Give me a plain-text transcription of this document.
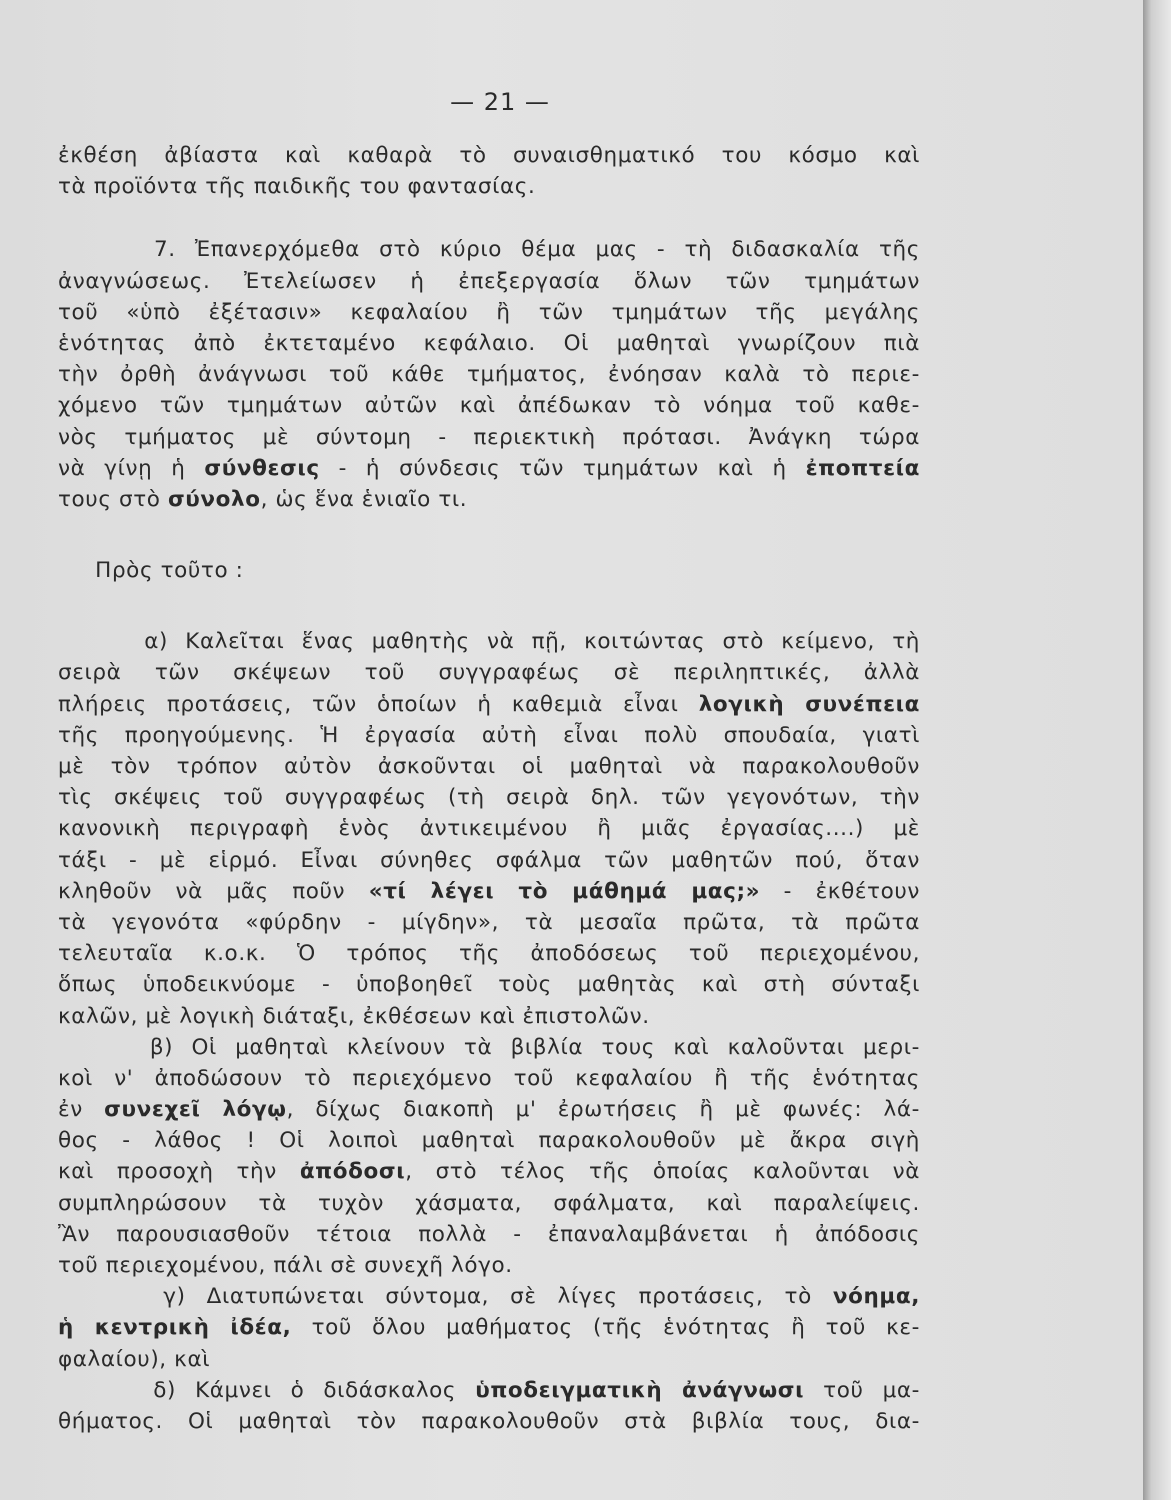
— 21 —
ἐκθέση ἀβίαστα καὶ καθαρὰ τὸ συναισθηματικό του κόσμο καὶ
τὰ προϊόντα τῆς παιδικῆς του φαντασίας.
7. Ἐπανερχόμεθα στὸ κύριο θέμα μας - τὴ διδασκαλία τῆς
ἀναγνώσεως. Ἐτελείωσεν ἡ ἐπεξεργασία ὅλων τῶν τμημάτων
τοῦ «ὑπὸ ἐξέτασιν» κεφαλαίου ἢ τῶν τμημάτων τῆς μεγάλης
ἑνότητας ἀπὸ ἐκτεταμένο κεφάλαιο. Οἱ μαθηταὶ γνωρίζουν πιὰ
τὴν ὀρθὴ ἀνάγνωσι τοῦ κάθε τμήματος, ἐνόησαν καλὰ τὸ περιε-
χόμενο τῶν τμημάτων αὐτῶν καὶ ἀπέδωκαν τὸ νόημα τοῦ καθε-
νὸς τμήματος μὲ σύντομη - περιεκτικὴ πρότασι. Ἀνάγκη τώρα
νὰ γίνῃ ἡ σύνθεσις - ἡ σύνδεσις τῶν τμημάτων καὶ ἡ ἐποπτεία
τους στὸ σύνολο, ὡς ἕνα ἑνιαῖο τι.
Πρὸς τοῦτο :
α) Καλεῖται ἕνας μαθητὴς νὰ πῇ, κοιτώντας στὸ κείμενο, τὴ
σειρὰ τῶν σκέψεων τοῦ συγγραφέως σὲ περιληπτικές, ἀλλὰ
πλήρεις προτάσεις, τῶν ὁποίων ἡ καθεμιὰ εἶναι λογικὴ συνέπεια
τῆς προηγούμενης. Ἡ ἐργασία αὐτὴ εἶναι πολὺ σπουδαία, γιατὶ
μὲ τὸν τρόπον αὐτὸν ἀσκοῦνται οἱ μαθηταὶ νὰ παρακολουθοῦν
τὶς σκέψεις τοῦ συγγραφέως (τὴ σειρὰ δηλ. τῶν γεγονότων, τὴν
κανονικὴ περιγραφὴ ἑνὸς ἀντικειμένου ἢ μιᾶς ἐργασίας....) μὲ
τάξι - μὲ εἱρμό. Εἶναι σύνηθες σφάλμα τῶν μαθητῶν πού, ὅταν
κληθοῦν νὰ μᾶς ποῦν «τί λέγει τὸ μάθημά μας;» - ἐκθέτουν
τὰ γεγονότα «φύρδην - μίγδην», τὰ μεσαῖα πρῶτα, τὰ πρῶτα
τελευταῖα κ.ο.κ. Ὁ τρόπος τῆς ἀποδόσεως τοῦ περιεχομένου,
ὅπως ὑποδεικνύομε - ὑποβοηθεῖ τοὺς μαθητὰς καὶ στὴ σύνταξι
καλῶν, μὲ λογικὴ διάταξι, ἐκθέσεων καὶ ἐπιστολῶν.
β) Οἱ μαθηταὶ κλείνουν τὰ βιβλία τους καὶ καλοῦνται μερι-
κοὶ ν' ἀποδώσουν τὸ περιεχόμενο τοῦ κεφαλαίου ἢ τῆς ἑνότητας
ἐν συνεχεῖ λόγῳ, δίχως διακοπὴ μ' ἐρωτήσεις ἢ μὲ φωνές: λά-
θος - λάθος ! Οἱ λοιποὶ μαθηταὶ παρακολουθοῦν μὲ ἄκρα σιγὴ
καὶ προσοχὴ τὴν ἀπόδοσι, στὸ τέλος τῆς ὁποίας καλοῦνται νὰ
συμπληρώσουν τὰ τυχὸν χάσματα, σφάλματα, καὶ παραλείψεις.
Ἂν παρουσιασθοῦν τέτοια πολλὰ - ἐπαναλαμβάνεται ἡ ἀπόδοσις
τοῦ περιεχομένου, πάλι σὲ συνεχῆ λόγο.
γ) Διατυπώνεται σύντομα, σὲ λίγες προτάσεις, τὸ νόημα,
ἡ κεντρικὴ ἰδέα, τοῦ ὅλου μαθήματος (τῆς ἑνότητας ἢ τοῦ κε-
φαλαίου), καὶ
δ) Κάμνει ὁ διδάσκαλος ὑποδειγματικὴ ἀνάγνωσι τοῦ μα-
θήματος. Οἱ μαθηταὶ τὸν παρακολουθοῦν στὰ βιβλία τους, δια-
